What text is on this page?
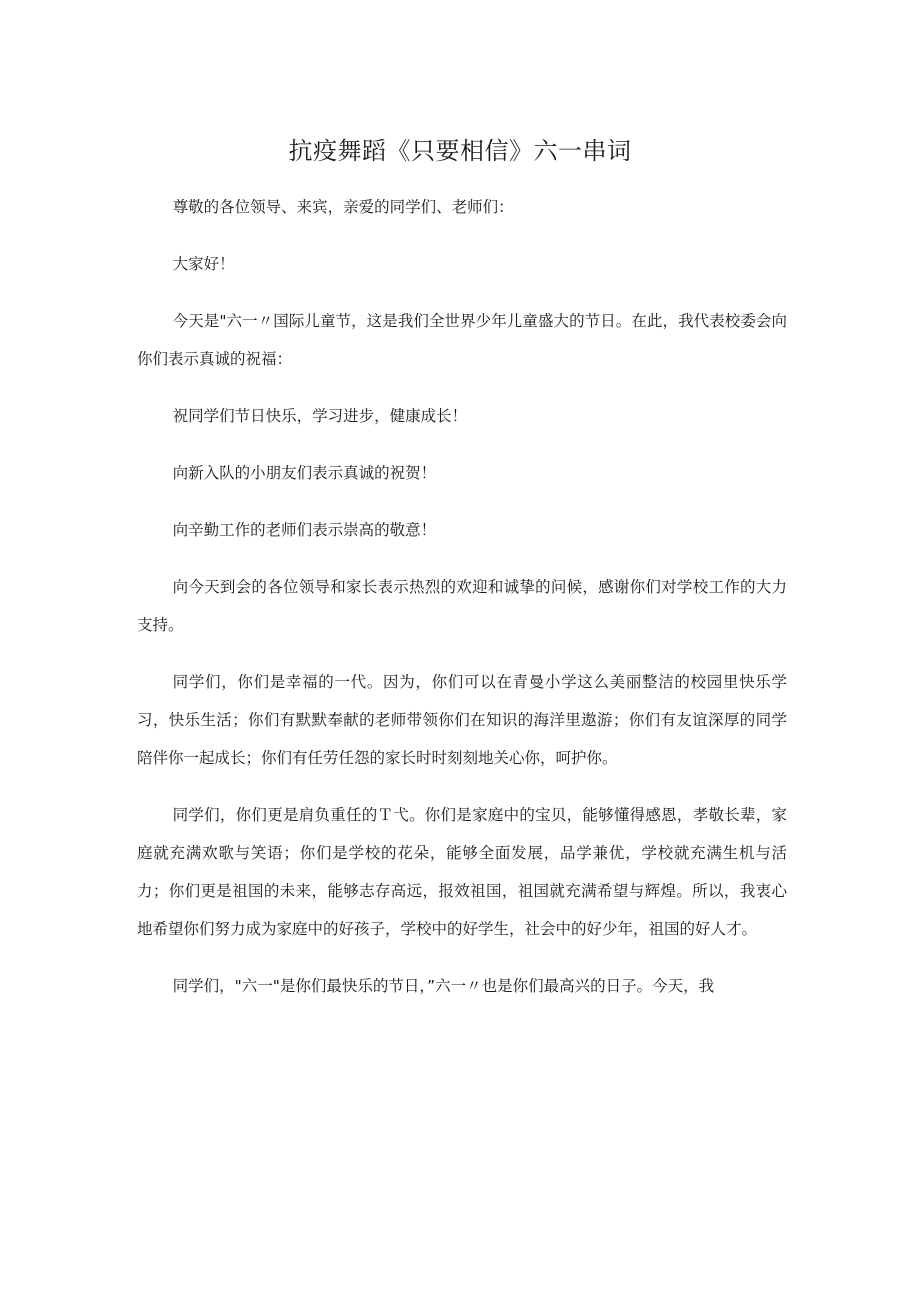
抗疫舞蹈《只要相信》六一串词

尊敬的各位领导、来宾，亲爱的同学们、老师们：

大家好！

今天是"六一〃国际儿童节，这是我们全世界少年儿童盛大的节日。在此，我代表校委会向你们表示真诚的祝福：

祝同学们节日快乐，学习进步，健康成长！

向新入队的小朋友们表示真诚的祝贺！

向辛勤工作的老师们表示崇高的敬意！

向今天到会的各位领导和家长表示热烈的欢迎和诚挚的问候，感谢你们对学校工作的大力支持。

同学们，你们是幸福的一代。因为，你们可以在青曼小学这么美丽整洁的校园里快乐学习，快乐生活；你们有默默奉献的老师带领你们在知识的海洋里遨游；你们有友谊深厚的同学陪伴你一起成长；你们有任劳任怨的家长时时刻刻地关心你，呵护你。

同学们，你们更是肩负重任的Ｔ弋。你们是家庭中的宝贝，能够懂得感恩，孝敬长辈，家庭就充满欢歌与笑语；你们是学校的花朵，能够全面发展，品学兼优，学校就充满生机与活力；你们更是祖国的未来，能够志存高远，报效祖国，祖国就充满希望与辉煌。所以，我衷心地希望你们努力成为家庭中的好孩子，学校中的好学生，社会中的好少年，祖国的好人才。

同学们，"六一"是你们最快乐的节日，”六一〃也是你们最高兴的日子。今天，我
